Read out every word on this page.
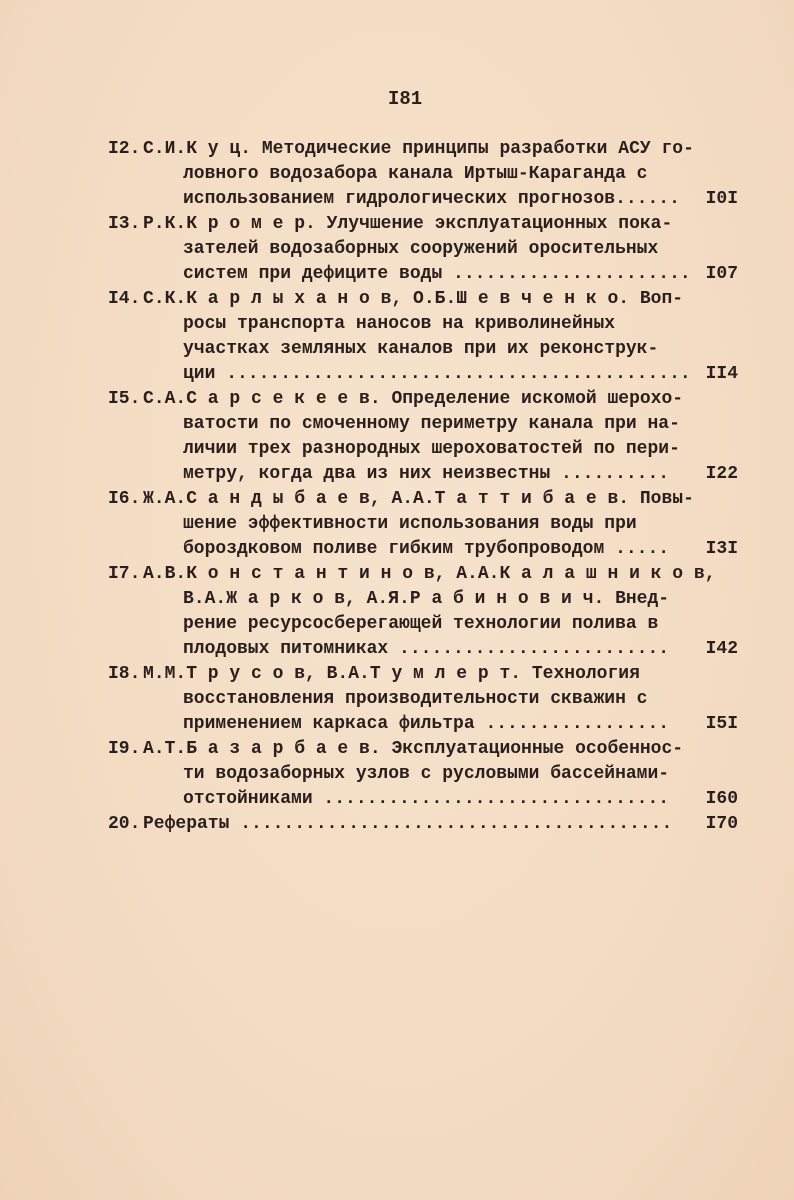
I81
I2. С.И.К у ц. Методические принципы разработки АСУ го-
ловного водозабора канала Иртыш-Караганда с
использованием гидрологических прогнозов...... I0I
I3. Р.К.К р о м е р. Улучшение эксплуатационных пока-
зателей водозаборных сооружений оросительных
систем при дефиците воды ...................... I07
I4. С.К.К а р л ы х а н о в, О.Б.Ш е в ч е н к о. Воп-
росы транспорта наносов на криволинейных
участках земляных каналов при их реконструк-
ции ........................................... II4
I5. С.А.С а р с е к е е в. Определение искомой шерохо-
ватости по смоченному периметру канала при на-
личии трех разнородных шероховатостей по пери-
метру, когда два из них неизвестны .......... I22
I6. Ж.А.С а н д ы б а е в, А.А.Т а т т и б а е в. Повы-
шение эффективности использования воды при
бороздковом поливе гибким трубопроводом ..... I3I
I7. А.В.К о н с т а н т и н о в, А.А.К а л а ш н и к о в,
В.А.Ж а р к о в, А.Я.Р а б и н о в и ч. Внед-
рение ресурсосберегающей технологии полива в
плодовых питомниках ......................... I42
I8. М.М.Т р у с о в, В.А.Т у м л е р т. Технология
восстановления производительности скважин с
применением каркаса фильтра ................. I5I
I9. А.Т.Б а з а р б а е в. Эксплуатационные особеннос-
ти водозаборных узлов с русловыми бассейнами-
отстойниками ................................ I60
20. Рефераты ........................................ I70
